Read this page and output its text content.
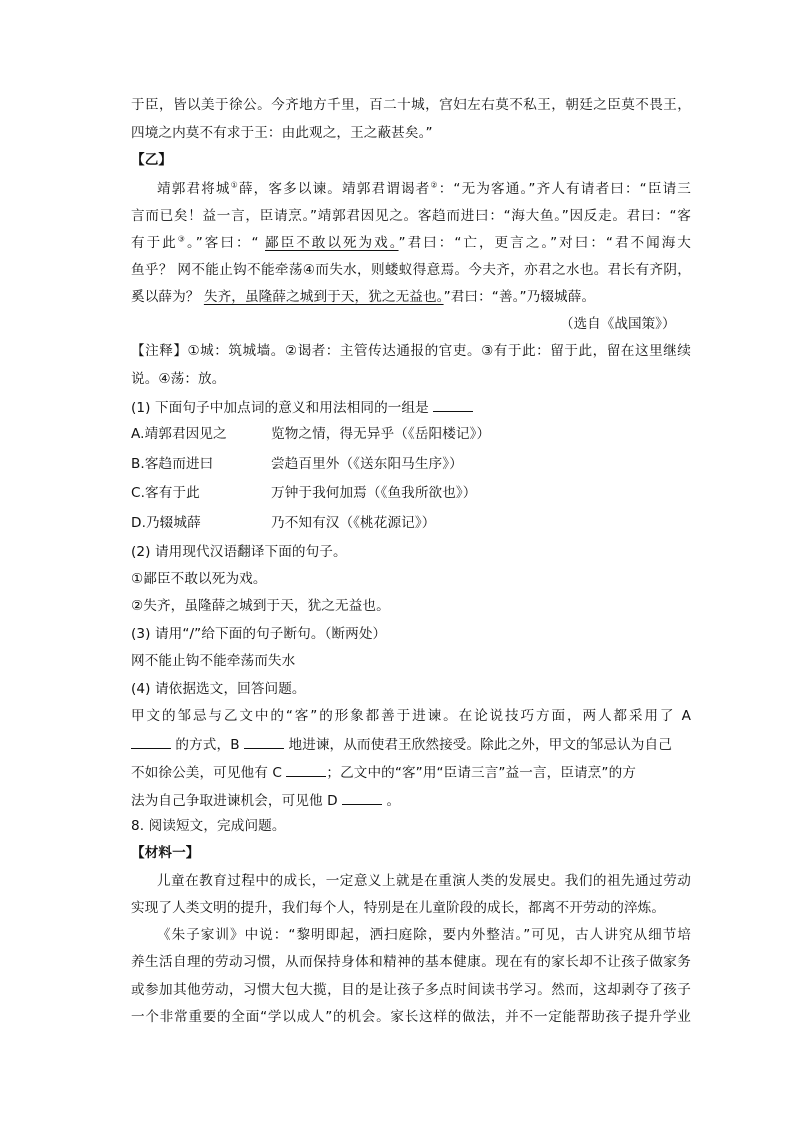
于臣，皆以美于徐公。今齐地方千里，百二十城，宫妇左右莫不私王，朝廷之臣莫不畏王，
四境之内莫不有求于王：由此观之，王之蔽甚矣。”
【乙】
靖郭君将城①薛，客多以谏。靖郭君谓谒者②：“无为客通。”齐人有请者曰：“臣请三
言而已矣！益一言，臣请烹。”靖郭君因见之。客趋而进曰：“海大鱼。”因反走。君曰：“客
有于此③。”客曰：“ 鄙臣不敢以死为戏。”君曰：“亡，更言之。”对曰：“君不闻海大
鱼乎？ 网不能止钩不能牵荡④而失水，则蝼蚁得意焉。今夫齐，亦君之水也。君长有齐阴，
奚以薛为？ 失齐，虽隆薛之城到于天，犹之无益也。”君曰：“善。”乃辍城薛。
（选自《战国策》）
【注释】①城：筑城墙。②谒者：主管传达通报的官吏。③有于此：留于此，留在这里继续
说。④荡：放。
(1) 下面句子中加点词的意义和用法相同的一组是
A.靖郭君因见之	览物之情，得无异乎（《岳阳楼记》）
B.客趋而进曰	尝趋百里外（《送东阳马生序》）
C.客有于此	万钟于我何加焉（《鱼我所欲也》）
D.乃辍城薛	乃不知有汉（《桃花源记》）
(2) 请用现代汉语翻译下面的句子。
①鄙臣不敢以死为戏。
②失齐，虽隆薛之城到于天，犹之无益也。
(3) 请用“/”给下面的句子断句。（断两处）
网不能止钩不能牵荡而失水
(4) 请依据选文，回答问题。
甲文的邹忌与乙文中的“客”的形象都善于进谏。在论说技巧方面，两人都采用了 A
的方式，B	地进谏，从而使君王欣然接受。除此之外，甲文的邹忌认为自己
不如徐公美，可见他有 C	；乙文中的“客”用“臣请三言”益一言，臣请烹”的方
法为自己争取进谏机会，可见他 D	。
8. 阅读短文，完成问题。
【材料一】
儿童在教育过程中的成长，一定意义上就是在重演人类的发展史。我们的祖先通过劳动
实现了人类文明的提升，我们每个人，特别是在儿童阶段的成长，都离不开劳动的淬炼。
《朱子家训》中说：“黎明即起，洒扫庭除，要内外整洁。”可见，古人讲究从细节培
养生活自理的劳动习惯，从而保持身体和精神的基本健康。现在有的家长却不让孩子做家务
或参加其他劳动，习惯大包大揽，目的是让孩子多点时间读书学习。然而，这却剥夺了孩子
一个非常重要的全面“学以成人”的机会。家长这样的做法，并不一定能帮助孩子提升学业
